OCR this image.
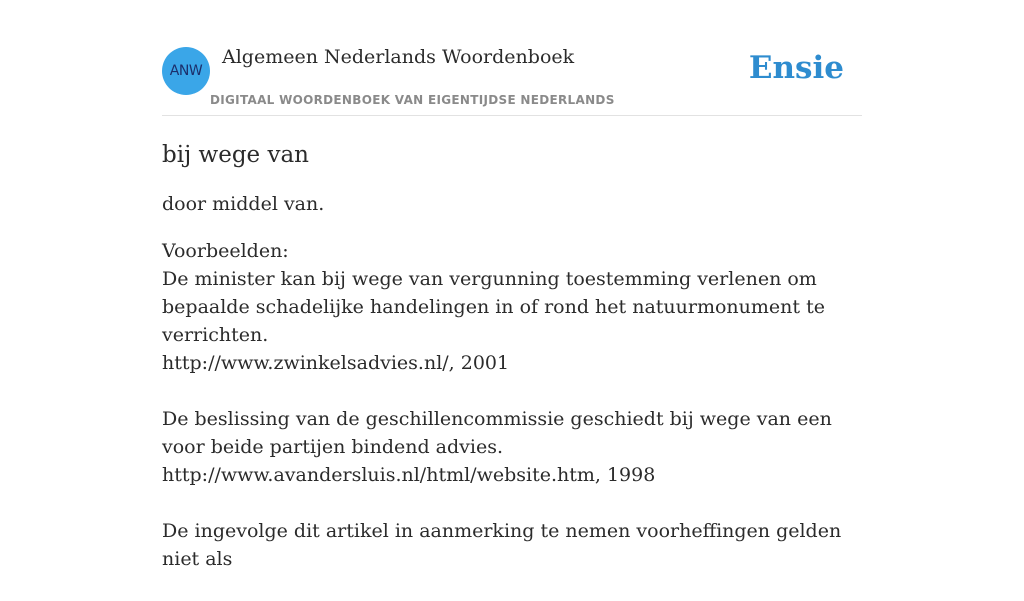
ANW
Algemeen Nederlands Woordenboek
DIGITAAL WOORDENBOEK VAN EIGENTIJDSE NEDERLANDS
Ensie
bij wege van

door middel van.

Voorbeelden:

De minister kan bij wege van vergunning toestemming verlenen om bepaalde schadelijke handelingen in of rond het natuurmonument te verrichten.
http://www.zwinkelsadvies.nl/, 2001

De beslissing van de geschillencommissie geschiedt bij wege van een voor beide partijen bindend advies.
http://www.avandersluis.nl/html/website.htm, 1998

De ingevolge dit artikel in aanmerking te nemen voorheffingen gelden niet als
